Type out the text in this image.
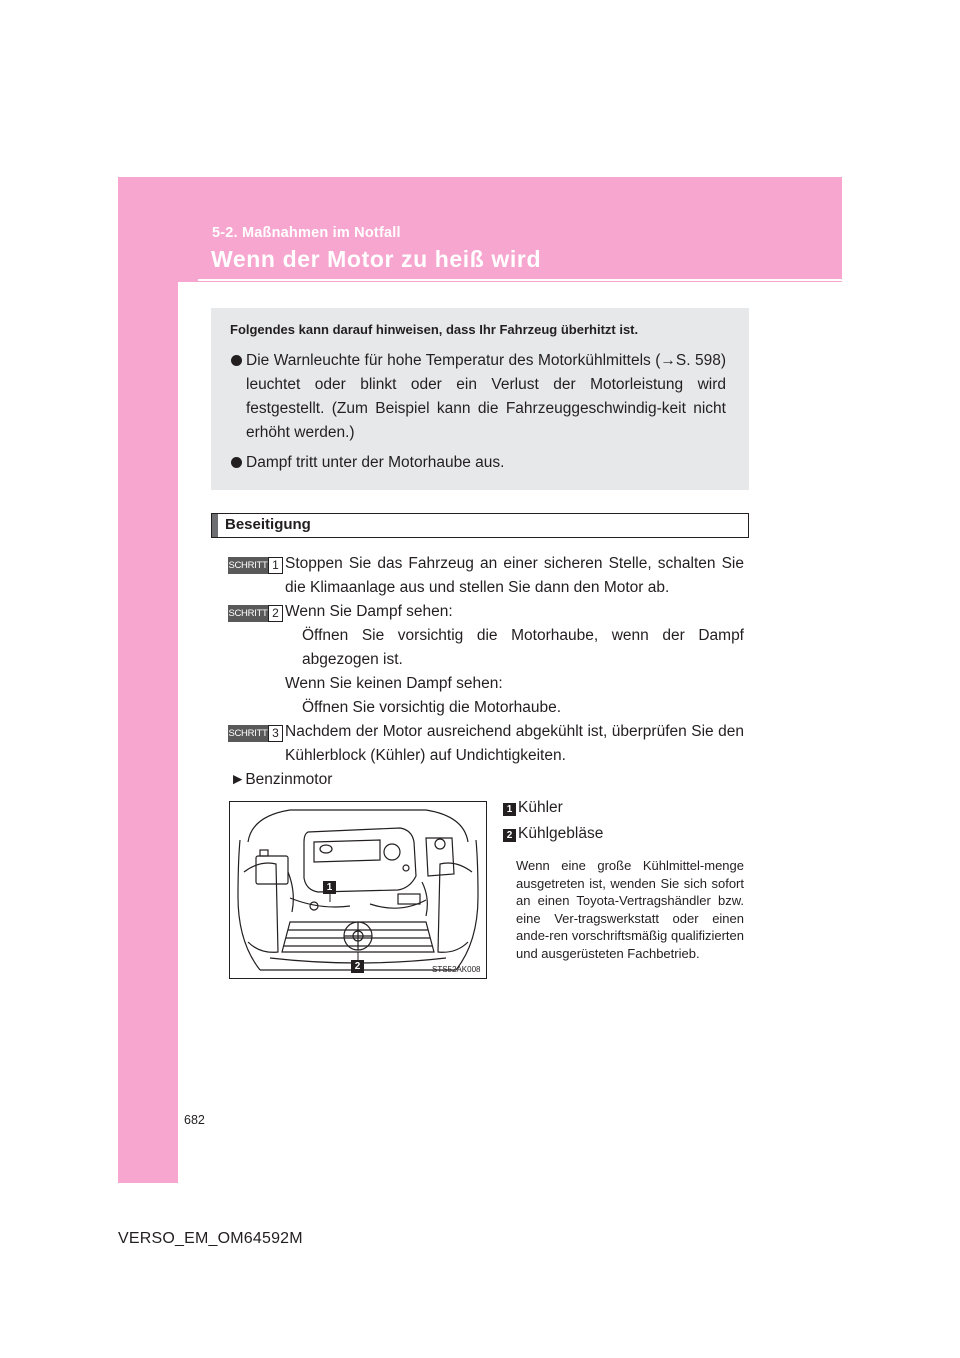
5-2. Maßnahmen im Notfall
Wenn der Motor zu heiß wird
Folgendes kann darauf hinweisen, dass Ihr Fahrzeug überhitzt ist.
Die Warnleuchte für hohe Temperatur des Motorkühlmittels (→S. 598) leuchtet oder blinkt oder ein Verlust der Motorleistung wird festgestellt. (Zum Beispiel kann die Fahrzeuggeschwindig-keit nicht erhöht werden.)
Dampf tritt unter der Motorhaube aus.
Beseitigung
SCHRITT 1 Stoppen Sie das Fahrzeug an einer sicheren Stelle, schalten Sie die Klimaanlage aus und stellen Sie dann den Motor ab.
SCHRITT 2 Wenn Sie Dampf sehen:
Öffnen Sie vorsichtig die Motorhaube, wenn der Dampf abgezogen ist.
Wenn Sie keinen Dampf sehen:
Öffnen Sie vorsichtig die Motorhaube.
SCHRITT 3 Nachdem der Motor ausreichend abgekühlt ist, überprüfen Sie den Kühlerblock (Kühler) auf Undichtigkeiten.
►Benzinmotor
1
2	STS52AK008
1 Kühler
2 Kühlgebläse
Wenn eine große Kühlmittel-menge ausgetreten ist, wenden Sie sich sofort an einen Toyota-Vertragshändler bzw. eine Ver-tragswerkstatt oder einen ande-ren vorschriftsmäßig qualifizierten und ausgerüsteten Fachbetrieb.
682
VERSO_EM_OM64592M
